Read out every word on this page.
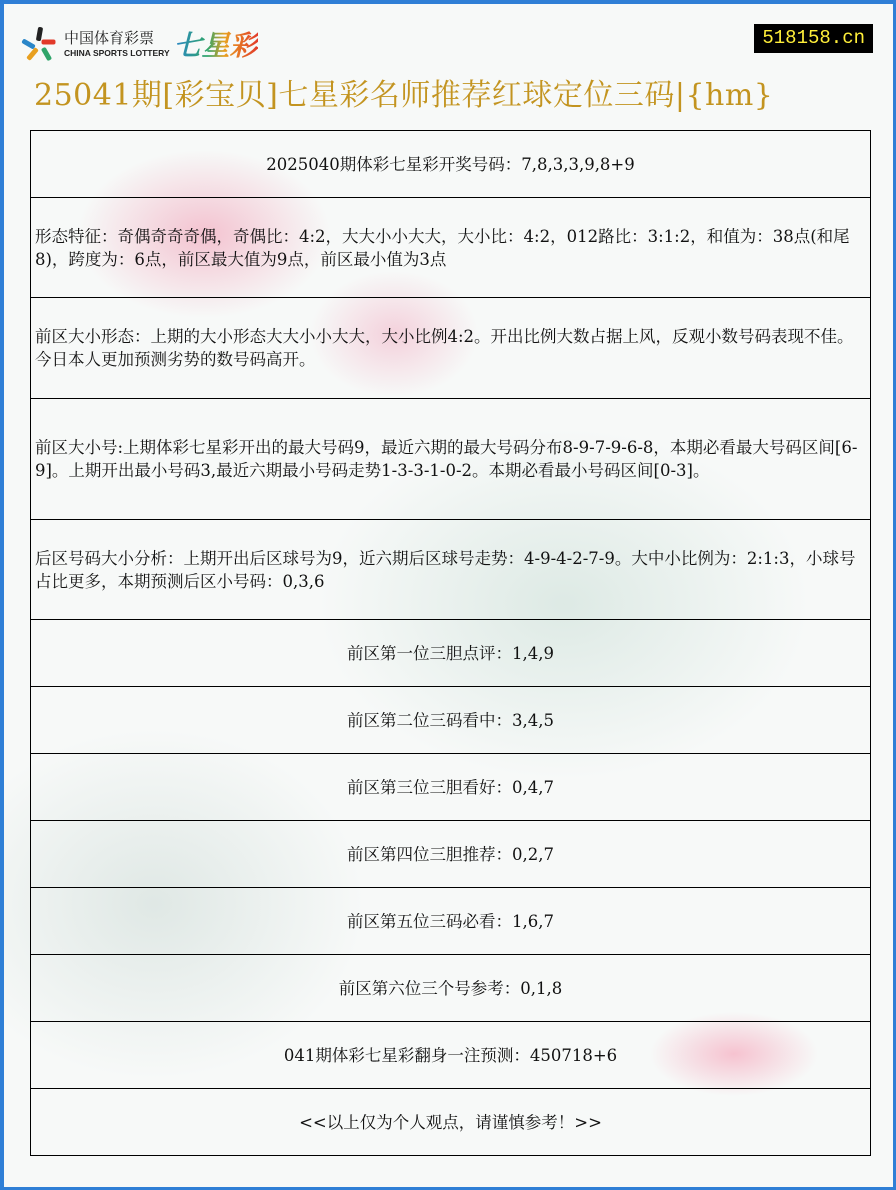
中国体育彩票
CHINA SPORTS LOTTERY 七星彩	518158.cn
25041期[彩宝贝]七星彩名师推荐红球定位三码|{hm}
2025040期体彩七星彩开奖号码：7,8,3,3,9,8+9
形态特征：奇偶奇奇奇偶，奇偶比：4:2，大大小小大大，大小比：4:2，012路比：3:1:2，和值为：38点(和尾8)，跨度为：6点，前区最大值为9点，前区最小值为3点
前区大小形态：上期的大小形态大大小小大大，大小比例4:2。开出比例大数占据上风，反观小数号码表现不佳。今日本人更加预测劣势的数号码高开。
前区大小号:上期体彩七星彩开出的最大号码9，最近六期的最大号码分布8-9-7-9-6-8，本期必看最大号码区间[6-9]。上期开出最小号码3,最近六期最小号码走势1-3-3-1-0-2。本期必看最小号码区间[0-3]。
后区号码大小分析：上期开出后区球号为9，近六期后区球号走势：4-9-4-2-7-9。大中小比例为：2:1:3，小球号占比更多，本期预测后区小号码：0,3,6
前区第一位三胆点评：1,4,9
前区第二位三码看中：3,4,5
前区第三位三胆看好：0,4,7
前区第四位三胆推荐：0,2,7
前区第五位三码必看：1,6,7
前区第六位三个号参考：0,1,8
041期体彩七星彩翻身一注预测：450718+6
<<以上仅为个人观点，请谨慎参考！>>
